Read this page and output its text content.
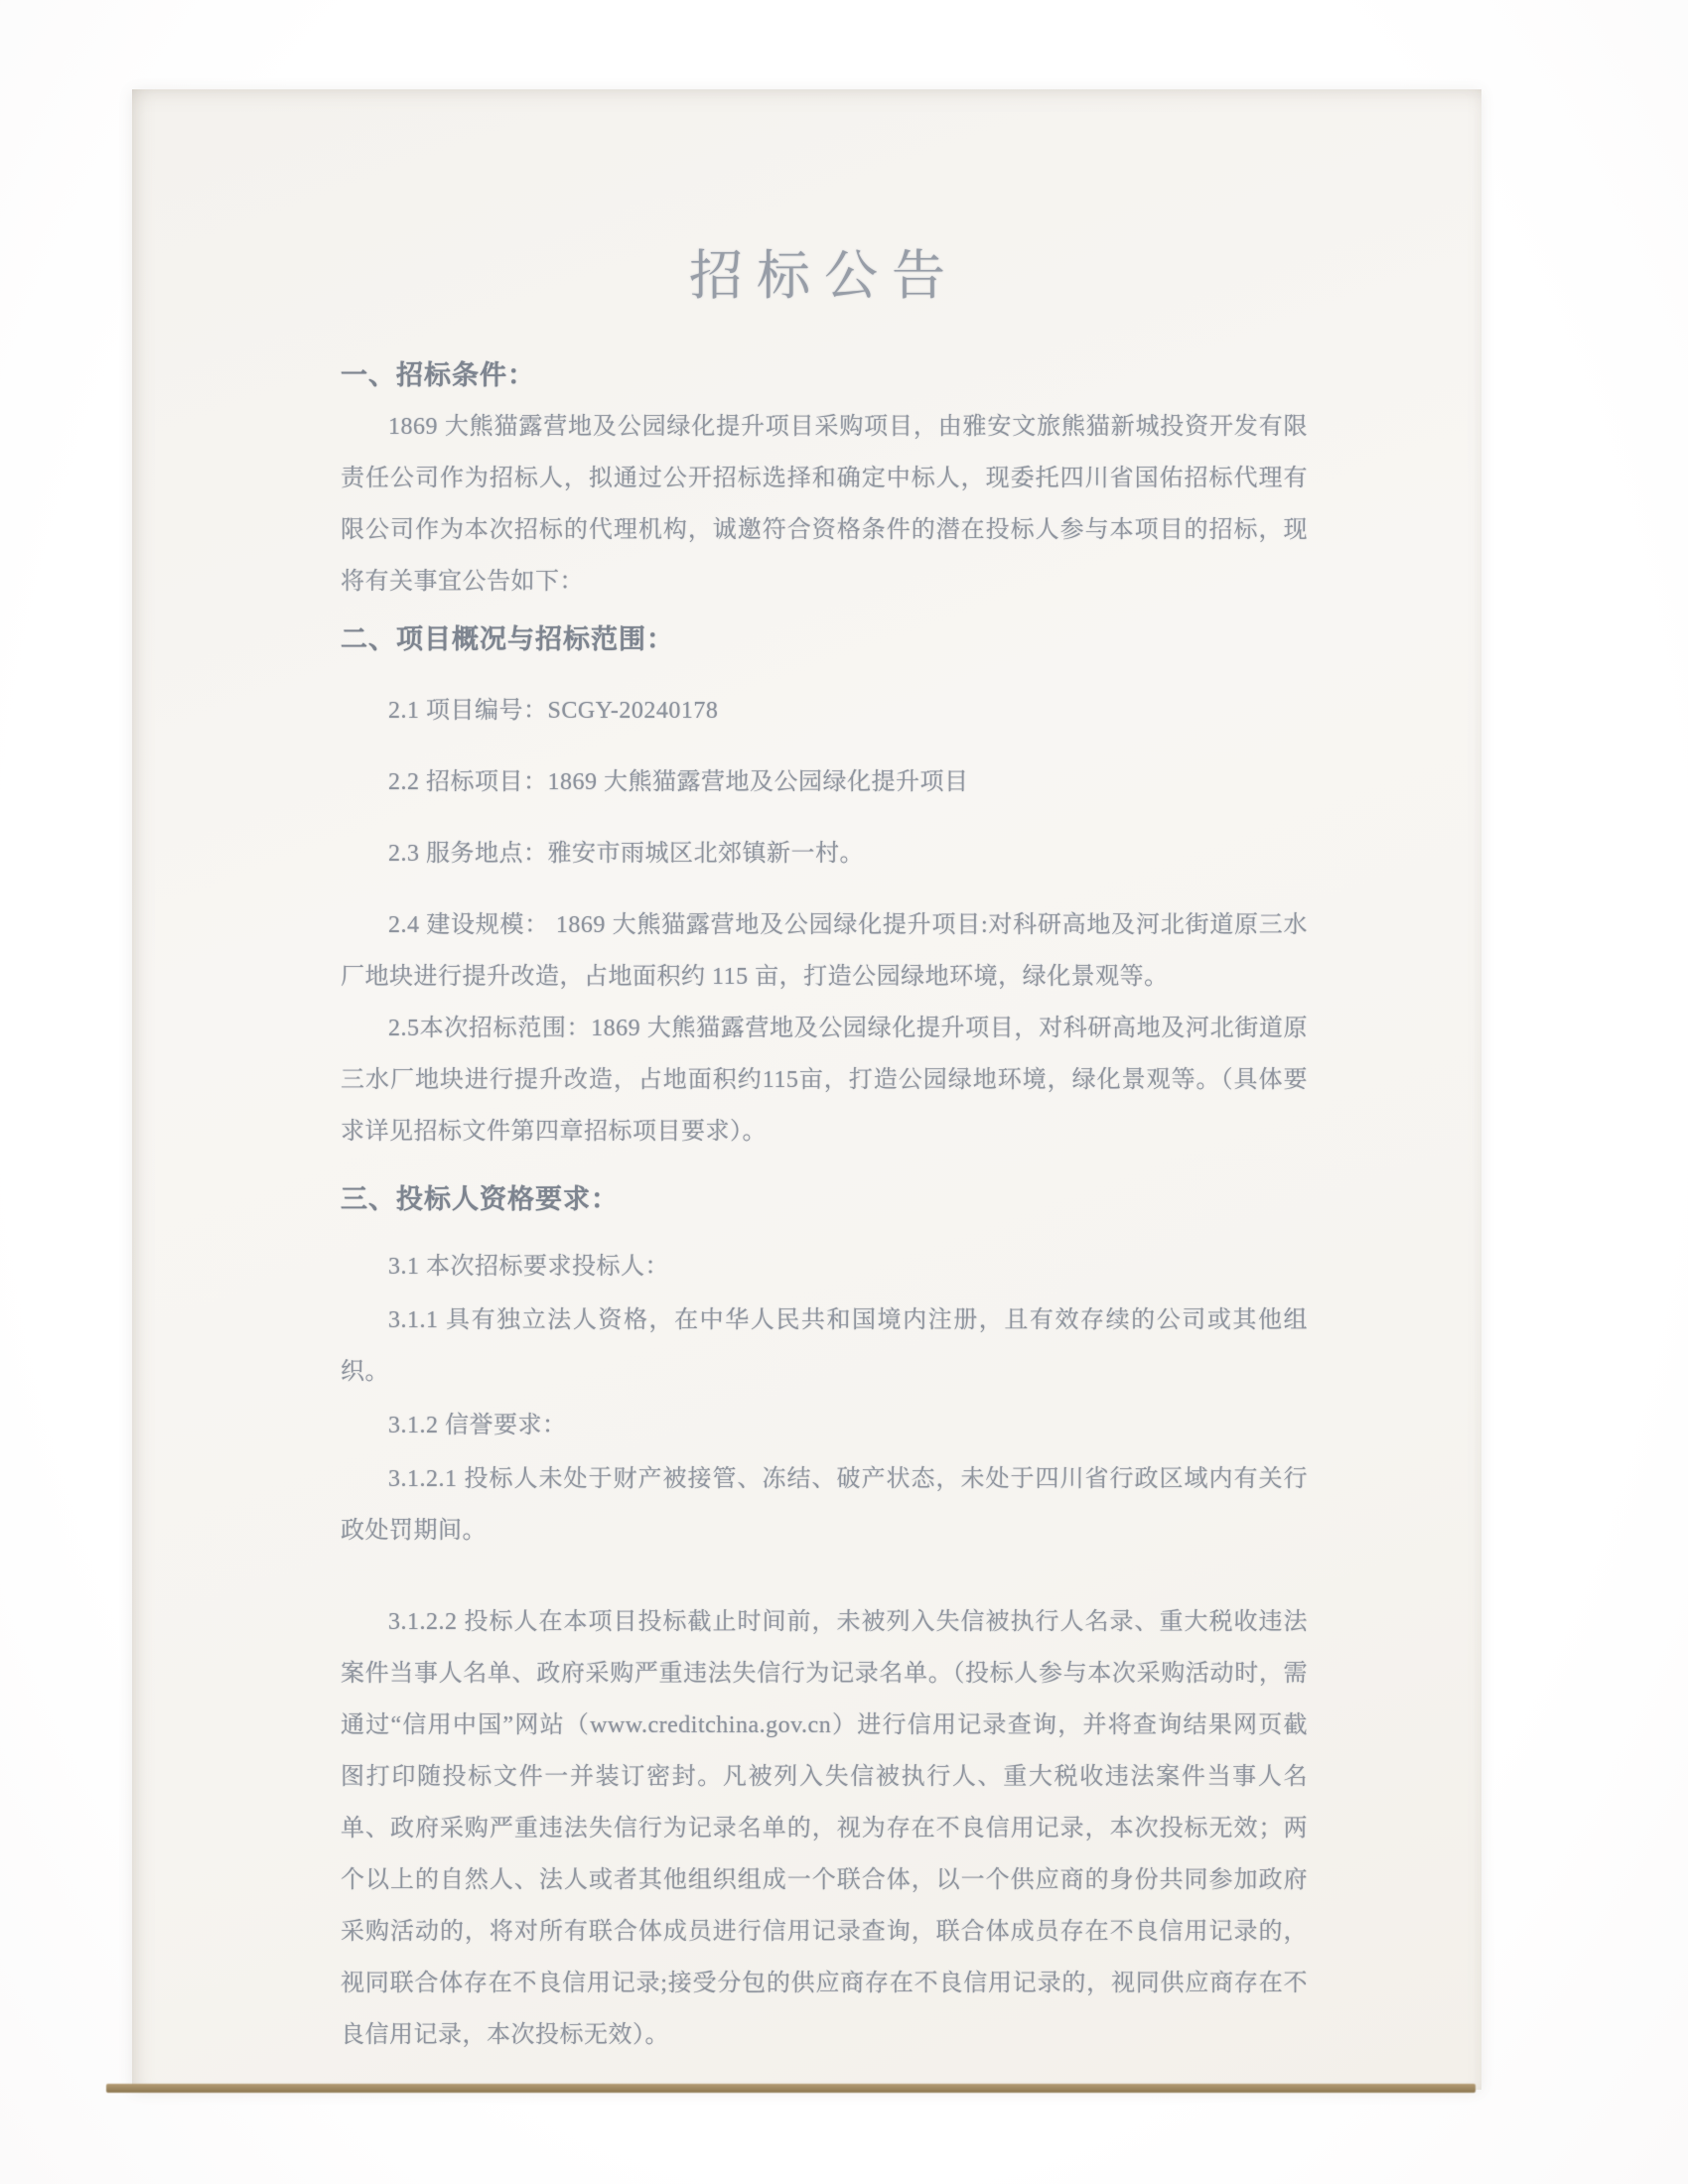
招标公告
一、招标条件：

1869 大熊猫露营地及公园绿化提升项目采购项目，由雅安文旅熊猫新城投资开发有限责任公司作为招标人，拟通过公开招标选择和确定中标人，现委托四川省国佑招标代理有限公司作为本次招标的代理机构，诚邀符合资格条件的潜在投标人参与本项目的招标，现将有关事宜公告如下：

二、项目概况与招标范围：

2.1 项目编号：SCGY-20240178

2.2 招标项目：1869 大熊猫露营地及公园绿化提升项目

2.3 服务地点：雅安市雨城区北郊镇新一村。

2.4 建设规模： 1869 大熊猫露营地及公园绿化提升项目:对科研高地及河北街道原三水厂地块进行提升改造，占地面积约 115 亩，打造公园绿地环境，绿化景观等。

2.5本次招标范围：1869 大熊猫露营地及公园绿化提升项目，对科研高地及河北街道原三水厂地块进行提升改造，占地面积约115亩，打造公园绿地环境，绿化景观等。（具体要求详见招标文件第四章招标项目要求）。

三、投标人资格要求：

3.1 本次招标要求投标人：

3.1.1 具有独立法人资格，在中华人民共和国境内注册，且有效存续的公司或其他组织。

3.1.2 信誉要求：

3.1.2.1 投标人未处于财产被接管、冻结、破产状态，未处于四川省行政区域内有关行政处罚期间。

3.1.2.2 投标人在本项目投标截止时间前，未被列入失信被执行人名录、重大税收违法案件当事人名单、政府采购严重违法失信行为记录名单。（投标人参与本次采购活动时，需通过“信用中国”网站（www.creditchina.gov.cn）进行信用记录查询，并将查询结果网页截图打印随投标文件一并装订密封。凡被列入失信被执行人、重大税收违法案件当事人名单、政府采购严重违法失信行为记录名单的，视为存在不良信用记录，本次投标无效；两个以上的自然人、法人或者其他组织组成一个联合体，以一个供应商的身份共同参加政府采购活动的，将对所有联合体成员进行信用记录查询，联合体成员存在不良信用记录的，视同联合体存在不良信用记录;接受分包的供应商存在不良信用记录的，视同供应商存在不良信用记录，本次投标无效）。
